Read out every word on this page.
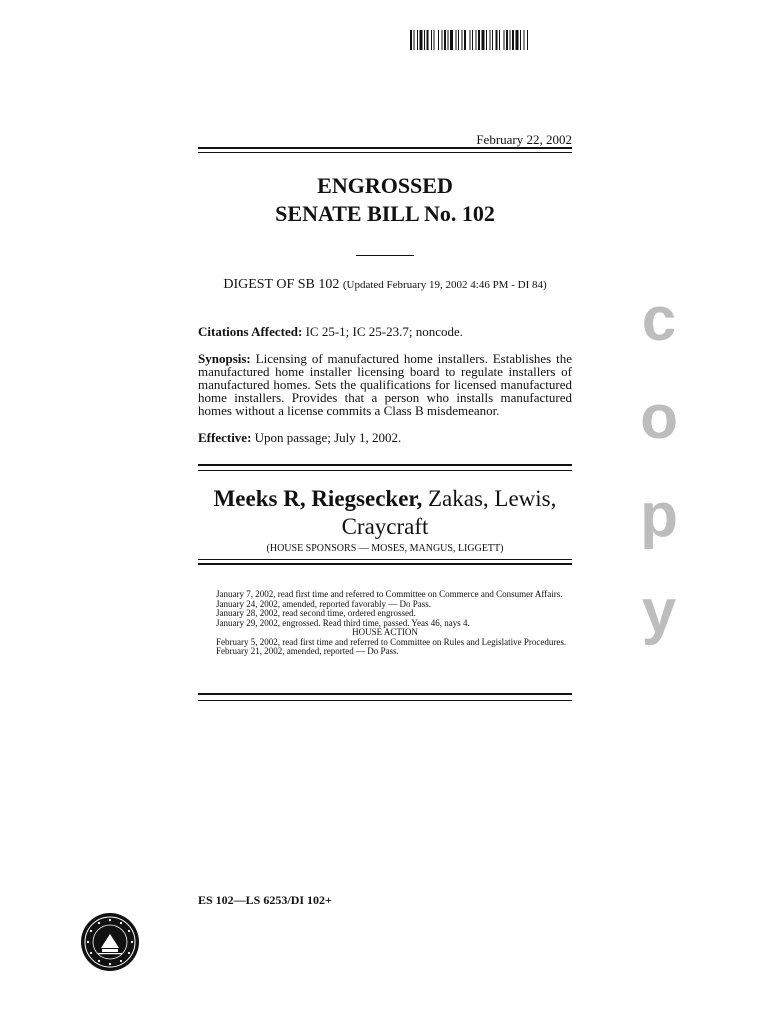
February 22, 2002
ENGROSSED
SENATE BILL No. 102
DIGEST OF SB 102 (Updated February 19, 2002 4:46 PM - DI 84)
Citations Affected: IC 25-1; IC 25-23.7; noncode.
Synopsis: Licensing of manufactured home installers. Establishes the manufactured home installer licensing board to regulate installers of manufactured homes. Sets the qualifications for licensed manufactured home installers. Provides that a person who installs manufactured homes without a license commits a Class B misdemeanor.
Effective: Upon passage; July 1, 2002.
Meeks R, Riegsecker, Zakas, Lewis, Craycraft
(HOUSE SPONSORS — MOSES, MANGUS, LIGGETT)
January 7, 2002, read first time and referred to Committee on Commerce and Consumer Affairs.
January 24, 2002, amended, reported favorably — Do Pass.
January 28, 2002, read second time, ordered engrossed.
January 29, 2002, engrossed. Read third time, passed. Yeas 46, nays 4.
HOUSE ACTION
February 5, 2002, read first time and referred to Committee on Rules and Legislative Procedures.
February 21, 2002, amended, reported — Do Pass.
c
o
p
y
ES 102—LS 6253/DI 102+
